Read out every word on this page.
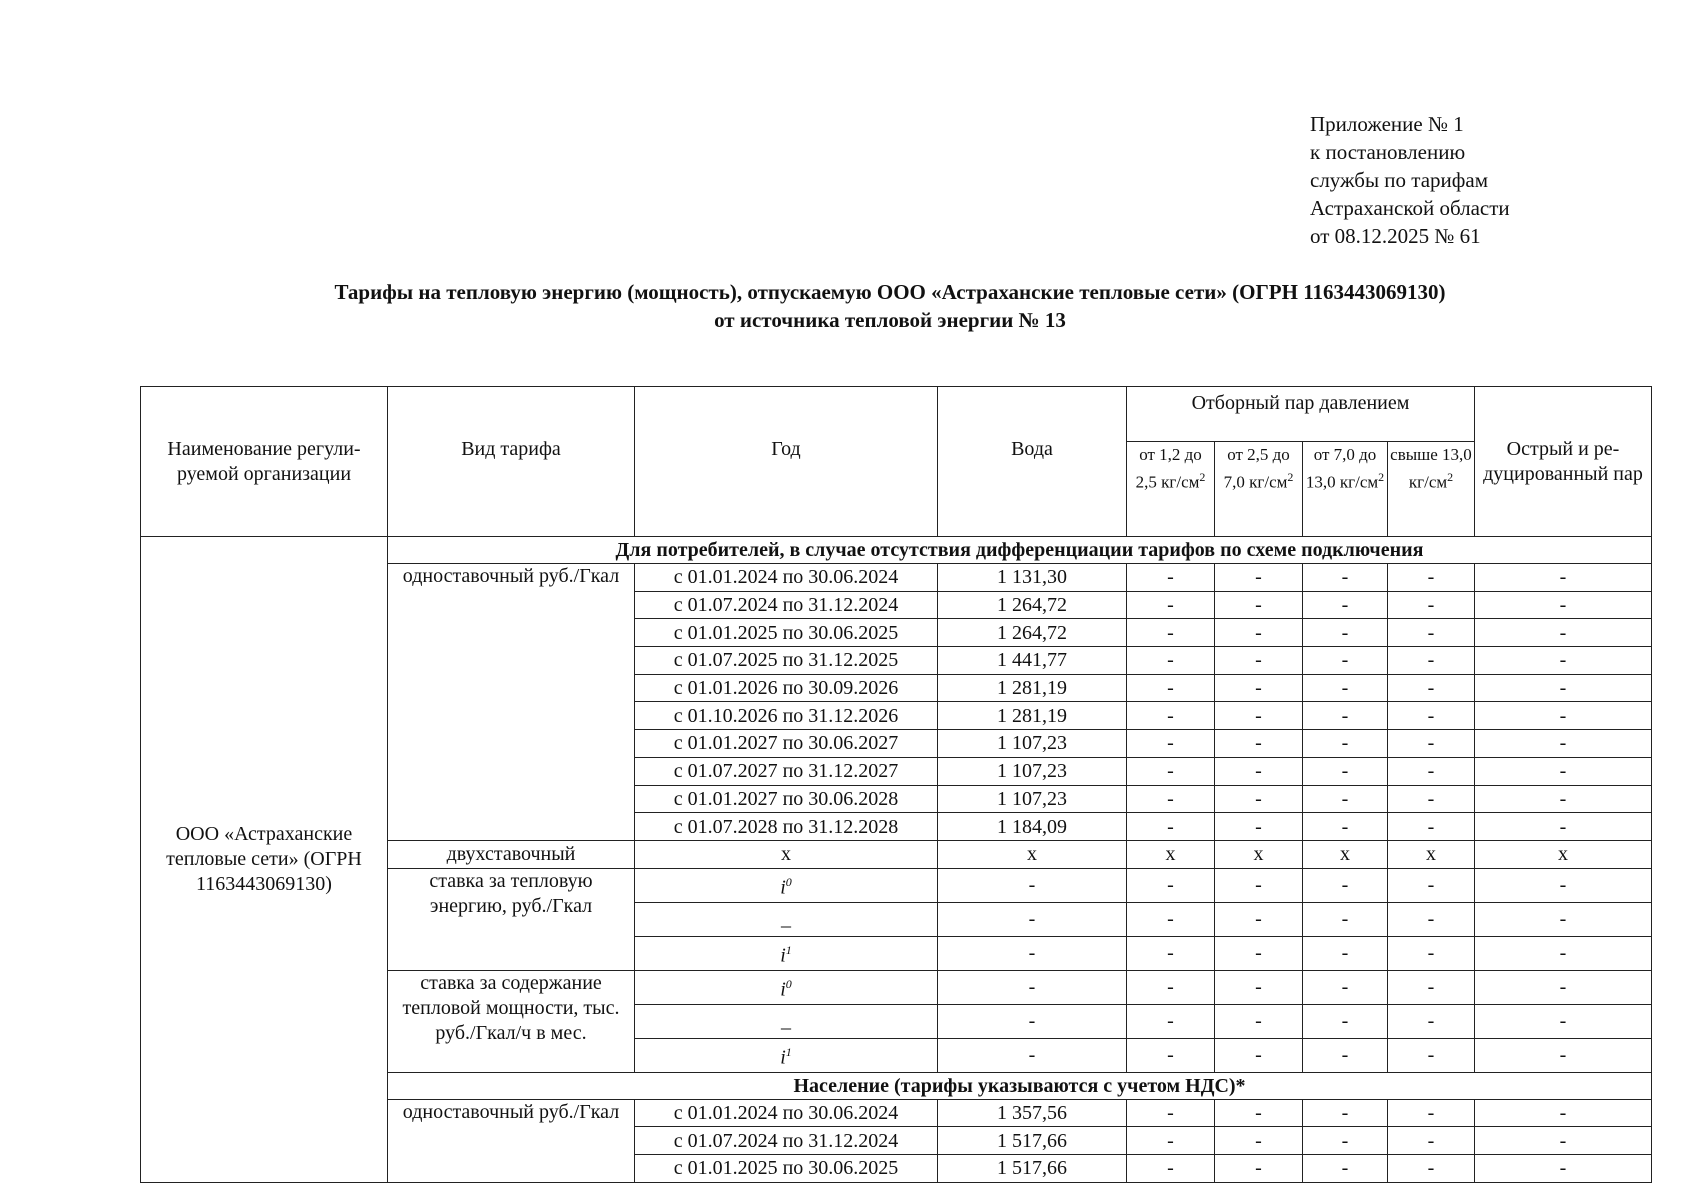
Приложение № 1
к постановлению
службы по тарифам
Астраханской области
от 08.12.2025 № 61
Тарифы на тепловую энергию (мощность), отпускаемую ООО «Астраханские тепловые сети» (ОГРН 1163443069130)
от источника тепловой энергии № 13
Наименование регули-руемой организации	Вид тарифа	Год	Вода	Отборный пар давлением				Острый и ре-дуцированный пар
				от 1,2 до 2,5 $кг/см^2$	от 2,5 до 7,0 $кг/см^2$	от 7,0 до 13,0 $кг/см^2$	свыше 13,0 $кг/см^2$
ООО «Астраханские тепловые сети» (ОГРН 1163443069130)	Для потребителей, в случае отсутствия дифференциации тарифов по схеме подключения							
	одноставочный руб./Гкал	с 01.01.2024 по 30.06.2024	1 131,30	-	-	-	-	-
		с 01.07.2024 по 31.12.2024	1 264,72	-	-	-	-	-
		с 01.01.2025 по 30.06.2025	1 264,72	-	-	-	-	-
		с 01.07.2025 по 31.12.2025	1 441,77	-	-	-	-	-
		с 01.01.2026 по 30.09.2026	1 281,19	-	-	-	-	-
		с 01.10.2026 по 31.12.2026	1 281,19	-	-	-	-	-
		с 01.01.2027 по 30.06.2027	1 107,23	-	-	-	-	-
		с 01.07.2027 по 31.12.2027	1 107,23	-	-	-	-	-
		с 01.01.2027 по 30.06.2028	1 107,23	-	-	-	-	-
		с 01.07.2028 по 31.12.2028	1 184,09	-	-	-	-	-
	двухставочный	x	x	x	x	x	x	x
	ставка за тепловую энергию, руб./Гкал	$i^0$	-	-	-	-	-	-
		_	-	-	-	-	-	-
		$i^1$	-	-	-	-	-	-
	ставка за содержание тепловой мощности, тыс. руб./Гкал/ч в мес.	$i^0$	-	-	-	-	-	-
		_	-	-	-	-	-	-
		$i^1$	-	-	-	-	-	-
	Население (тарифы указываются с учетом НДС)*							
	одноставочный руб./Гкал	с 01.01.2024 по 30.06.2024	1 357,56	-	-	-	-	-
		с 01.07.2024 по 31.12.2024	1 517,66	-	-	-	-	-
		с 01.01.2025 по 30.06.2025	1 517,66	-	-	-	-	-
